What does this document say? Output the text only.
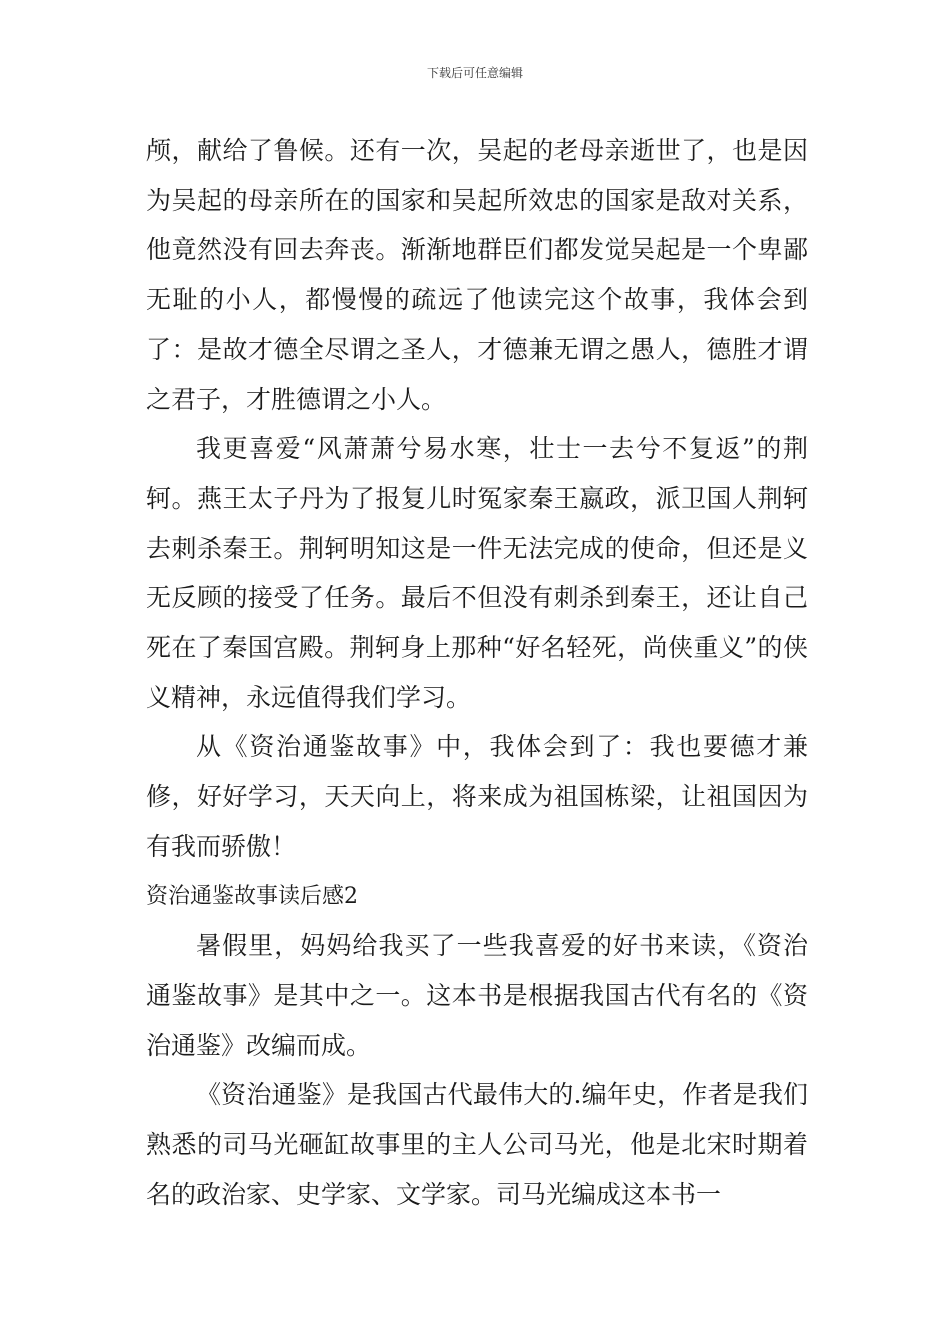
下载后可任意编辑

颅，献给了鲁候。还有一次，吴起的老母亲逝世了，也是因为吴起的母亲所在的国家和吴起所效忠的国家是敌对关系，他竟然没有回去奔丧。渐渐地群臣们都发觉吴起是一个卑鄙无耻的小人，都慢慢的疏远了他读完这个故事，我体会到了：是故才德全尽谓之圣人，才德兼无谓之愚人，德胜才谓之君子，才胜德谓之小人。

我更喜爱“风萧萧兮易水寒，壮士一去兮不复返”的荆轲。燕王太子丹为了报复儿时冤家秦王嬴政，派卫国人荆轲去刺杀秦王。荆轲明知这是一件无法完成的使命，但还是义无反顾的接受了任务。最后不但没有刺杀到秦王，还让自己死在了秦国宫殿。荆轲身上那种“好名轻死，尚侠重义”的侠义精神，永远值得我们学习。

从《资治通鉴故事》中，我体会到了：我也要德才兼修，好好学习，天天向上，将来成为祖国栋梁，让祖国因为有我而骄傲！

资治通鉴故事读后感2

暑假里，妈妈给我买了一些我喜爱的好书来读，《资治通鉴故事》是其中之一。这本书是根据我国古代有名的《资治通鉴》改编而成。

《资治通鉴》是我国古代最伟大的.编年史，作者是我们熟悉的司马光砸缸故事里的主人公司马光，他是北宋时期着名的政治家、史学家、文学家。司马光编成这本书一
